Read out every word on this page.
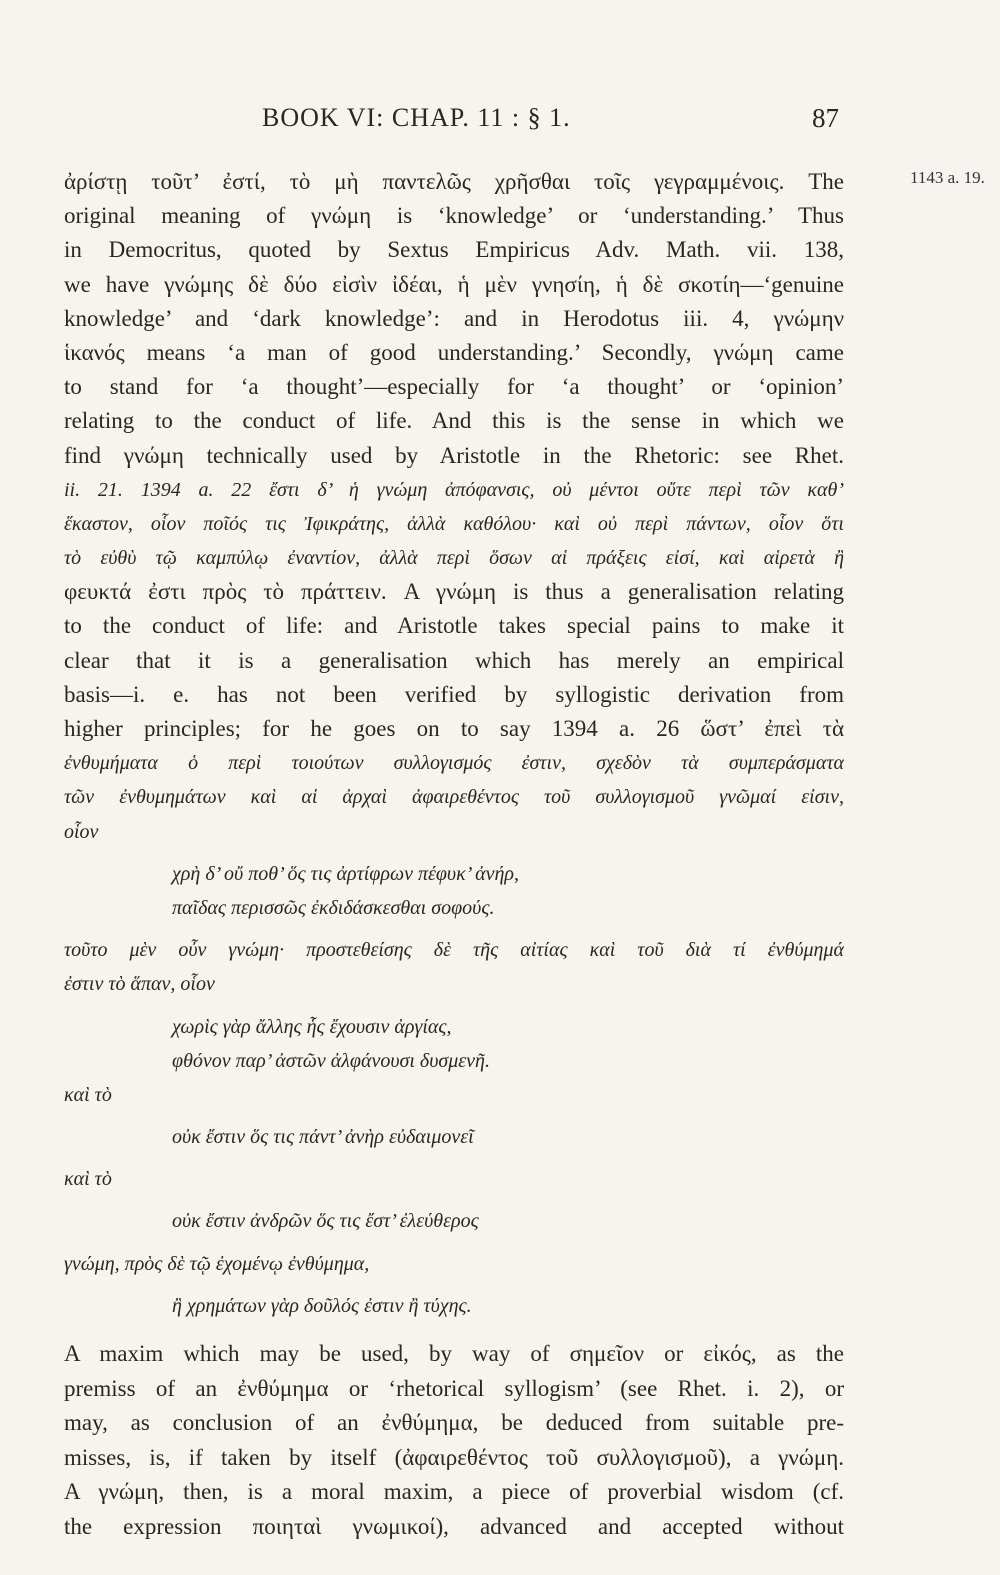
BOOK VI: CHAP. 11 : § 1.	87
1143 a. 19.
ἀρίστῃ τοῦτ’ ἐστί, τὸ μὴ παντελῶς χρῆσθαι τοῖς γεγραμμένοις. The
original meaning of γνώμη is ‘knowledge’ or ‘understanding.’ Thus
in Democritus, quoted by Sextus Empiricus Adv. Math. vii. 138,
we have γνώμης δὲ δύο εἰσὶν ἰδέαι, ἡ μὲν γνησίη, ἡ δὲ σκοτίη—‘genuine
knowledge’ and ‘dark knowledge’: and in Herodotus iii. 4, γνώμην
ἱκανός means ‘a man of good understanding.’ Secondly, γνώμη came
to stand for ‘a thought’—especially for ‘a thought’ or ‘opinion’
relating to the conduct of life. And this is the sense in which we
find γνώμη technically used by Aristotle in the Rhetoric: see Rhet.
ii. 21. 1394 a. 22 ἔστι δ’ ἡ γνώμη ἀπόφανσις, οὐ μέντοι οὔτε περὶ τῶν καθ’
ἕκαστον, οἷον ποῖός τις Ἰφικράτης, ἀλλὰ καθόλου· καὶ οὐ περὶ πάντων, οἷον ὅτι
τὸ εὐθὺ τῷ καμπύλῳ ἐναντίον, ἀλλὰ περὶ ὅσων αἱ πράξεις εἰσί, καὶ αἱρετὰ ἢ
φευκτά ἐστι πρὸς τὸ πράττειν. A γνώμη is thus a generalisation relating
to the conduct of life: and Aristotle takes special pains to make it
clear that it is a generalisation which has merely an empirical
basis—i. e. has not been verified by syllogistic derivation from
higher principles; for he goes on to say 1394 a. 26 ὥστ’ ἐπεὶ τὰ
ἐνθυμήματα ὁ περὶ τοιούτων συλλογισμός ἐστιν, σχεδὸν τὰ συμπεράσματα
τῶν ἐνθυμημάτων καὶ αἱ ἀρχαὶ ἀφαιρεθέντος τοῦ συλλογισμοῦ γνῶμαί εἰσιν,
οἷον
χρὴ δ’ οὔ ποθ’ ὅς τις ἀρτίφρων πέφυκ’ ἀνήρ,
παῖδας περισσῶς ἐκδιδάσκεσθαι σοφούς.
τοῦτο μὲν οὖν γνώμη· προστεθείσης δὲ τῆς αἰτίας καὶ τοῦ διὰ τί ἐνθύμημά
ἐστιν τὸ ἅπαν, οἷον
χωρὶς γὰρ ἄλλης ἧς ἔχουσιν ἀργίας,
φθόνον παρ’ ἀστῶν ἀλφάνουσι δυσμενῆ.
καὶ τὸ
οὐκ ἔστιν ὅς τις πάντ’ ἀνὴρ εὐδαιμονεῖ
καὶ τὸ
οὐκ ἔστιν ἀνδρῶν ὅς τις ἔστ’ ἐλεύθερος
γνώμη, πρὸς δὲ τῷ ἐχομένῳ ἐνθύμημα,
ἢ χρημάτων γὰρ δοῦλός ἐστιν ἢ τύχης.
A maxim which may be used, by way of σημεῖον or εἰκός, as the
premiss of an ἐνθύμημα or ‘rhetorical syllogism’ (see Rhet. i. 2), or
may, as conclusion of an ἐνθύμημα, be deduced from suitable pre-
misses, is, if taken by itself (ἀφαιρεθέντος τοῦ συλλογισμοῦ), a γνώμη.
A γνώμη, then, is a moral maxim, a piece of proverbial wisdom (cf.
the expression ποιηταὶ γνωμικοί), advanced and accepted without
